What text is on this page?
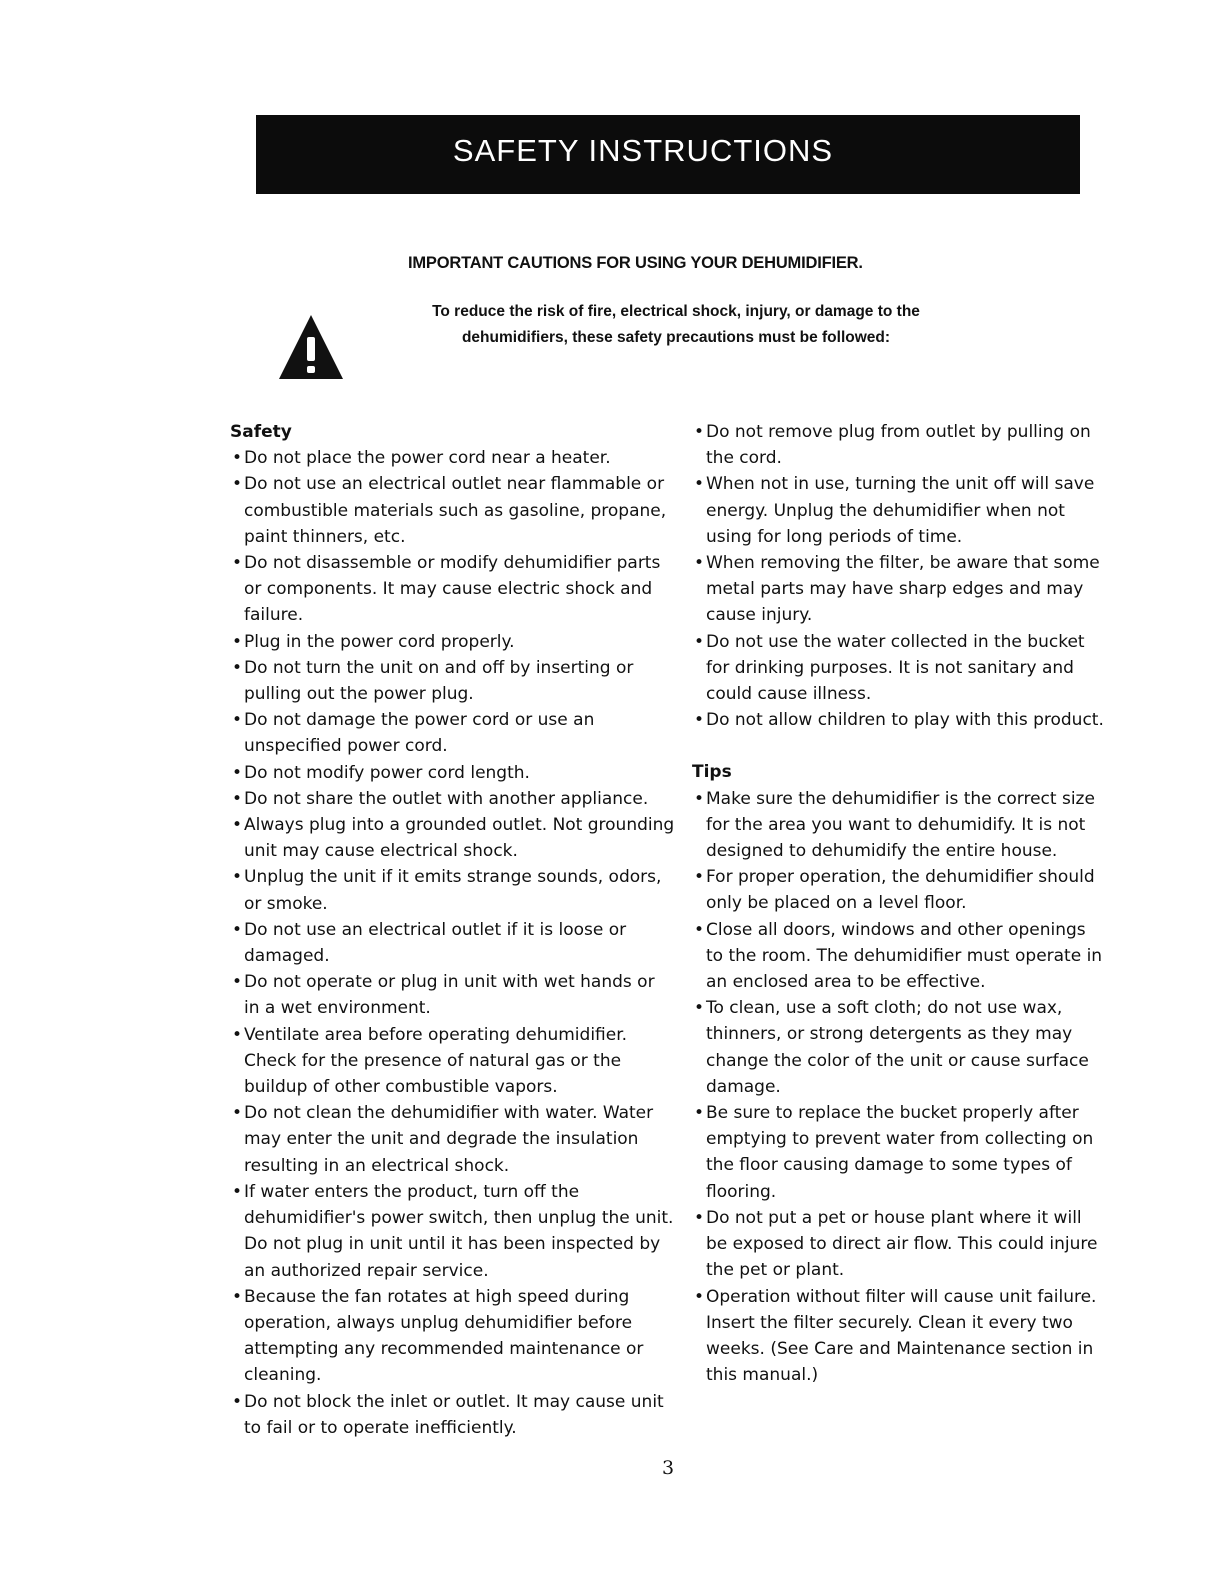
SAFETY INSTRUCTIONS
IMPORTANT CAUTIONS FOR USING YOUR DEHUMIDIFIER.
To reduce the risk of fire, electrical shock, injury, or damage to the
dehumidifiers, these safety precautions must be followed:
Safety
• Do not place the power cord near a heater.
• Do not use an electrical outlet near flammable or combustible materials such as gasoline, propane, paint thinners, etc.
• Do not disassemble or modify dehumidifier parts or components. It may cause electric shock and failure.
• Plug in the power cord properly.
• Do not turn the unit on and off by inserting or pulling out the power plug.
• Do not damage the power cord or use an unspecified power cord.
• Do not modify power cord length.
• Do not share the outlet with another appliance.
• Always plug into a grounded outlet. Not grounding unit may cause electrical shock.
• Unplug the unit if it emits strange sounds, odors, or smoke.
• Do not use an electrical outlet if it is loose or damaged.
• Do not operate or plug in unit with wet hands or in a wet environment.
• Ventilate area before operating dehumidifier. Check for the presence of natural gas or the buildup of other combustible vapors.
• Do not clean the dehumidifier with water. Water may enter the unit and degrade the insulation resulting in an electrical shock.
• If water enters the product, turn off the dehumidifier's power switch, then unplug the unit. Do not plug in unit until it has been inspected by an authorized repair service.
• Because the fan rotates at high speed during operation, always unplug dehumidifier before attempting any recommended maintenance or cleaning.
• Do not block the inlet or outlet. It may cause unit to fail or to operate inefficiently.
• Do not remove plug from outlet by pulling on the cord.
• When not in use, turning the unit off will save energy. Unplug the dehumidifier when not using for long periods of time.
• When removing the filter, be aware that some metal parts may have sharp edges and may cause injury.
• Do not use the water collected in the bucket for drinking purposes. It is not sanitary and could cause illness.
• Do not allow children to play with this product.
Tips
• Make sure the dehumidifier is the correct size for the area you want to dehumidify. It is not designed to dehumidify the entire house.
• For proper operation, the dehumidifier should only be placed on a level floor.
• Close all doors, windows and other openings to the room. The dehumidifier must operate in an enclosed area to be effective.
• To clean, use a soft cloth; do not use wax, thinners, or strong detergents as they may change the color of the unit or cause surface damage.
• Be sure to replace the bucket properly after emptying to prevent water from collecting on the floor causing damage to some types of flooring.
• Do not put a pet or house plant where it will be exposed to direct air flow. This could injure the pet or plant.
• Operation without filter will cause unit failure. Insert the filter securely. Clean it every two weeks. (See Care and Maintenance section in this manual.)
3
